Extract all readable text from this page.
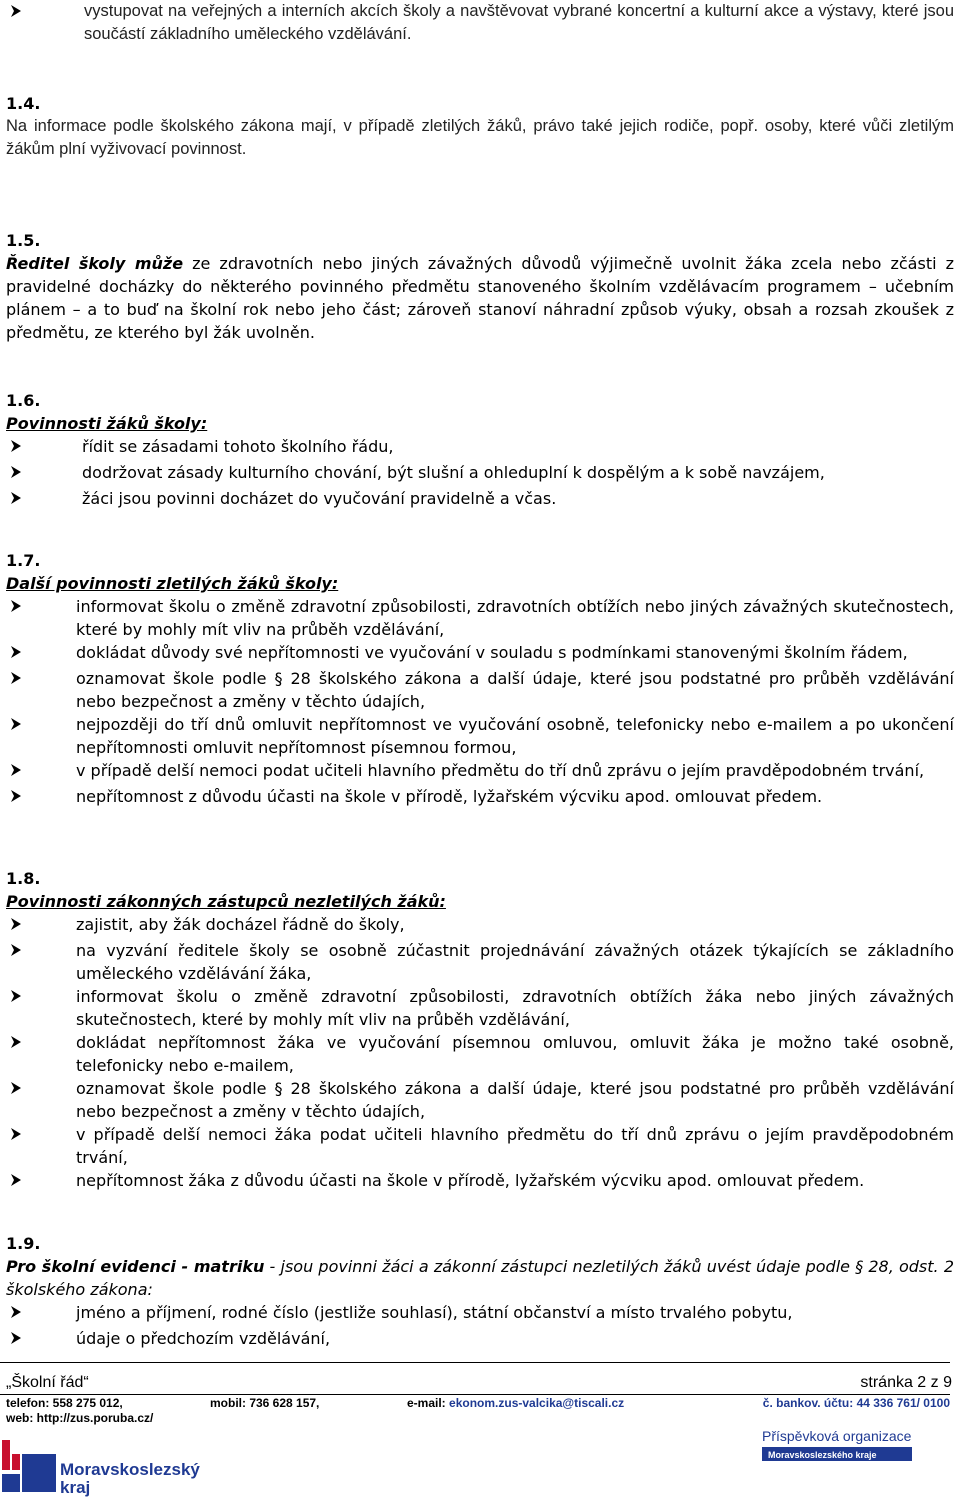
vystupovat na veřejných a interních akcích školy a navštěvovat vybrané koncertní a kulturní akce a výstavy, které jsou součástí základního uměleckého vzdělávání.

1.4.

Na informace podle školského zákona mají, v případě zletilých žáků, právo také jejich rodiče, popř. osoby, které vůči zletilým žákům plní vyživovací povinnost.

1.5.

Ředitel školy může ze zdravotních nebo jiných závažných důvodů výjimečně uvolnit žáka zcela nebo zčásti z pravidelné docházky do některého povinného předmětu stanoveného školním vzdělávacím programem – učebním plánem – a to buď na školní rok nebo jeho část; zároveň stanoví náhradní způsob výuky, obsah a rozsah zkoušek z předmětu, ze kterého byl žák uvolněn.

1.6.

Povinnosti žáků školy:

řídit se zásadami tohoto školního řádu,
dodržovat zásady kulturního chování, být slušní a ohleduplní k dospělým a k sobě navzájem,
žáci jsou povinni docházet do vyučování pravidelně a včas.

1.7.

Další povinnosti zletilých žáků školy:

informovat školu o změně zdravotní způsobilosti, zdravotních obtížích nebo jiných závažných skutečnostech, které by mohly mít vliv na průběh vzdělávání,
dokládat důvody své nepřítomnosti ve vyučování v souladu s podmínkami stanovenými školním řádem,
oznamovat škole podle § 28 školského zákona a další údaje, které jsou podstatné pro průběh vzdělávání nebo bezpečnost a změny v těchto údajích,
nejpozději do tří dnů omluvit nepřítomnost ve vyučování osobně, telefonicky nebo e-mailem a po ukončení nepřítomnosti omluvit nepřítomnost písemnou formou,
v případě delší nemoci podat učiteli hlavního předmětu do tří dnů zprávu o jejím pravděpodobném trvání,
nepřítomnost z důvodu účasti na škole v přírodě, lyžařském výcviku apod. omlouvat předem.

1.8.

Povinnosti zákonných zástupců nezletilých žáků:

zajistit, aby žák docházel řádně do školy,
na vyzvání ředitele školy se osobně zúčastnit projednávání závažných otázek týkajících se základního uměleckého vzdělávání žáka,
informovat školu o změně zdravotní způsobilosti, zdravotních obtížích žáka nebo jiných závažných skutečnostech, které by mohly mít vliv na průběh vzdělávání,
dokládat nepřítomnost žáka ve vyučování písemnou omluvou, omluvit žáka je možno také osobně, telefonicky nebo e-mailem,
oznamovat škole podle § 28 školského zákona a další údaje, které jsou podstatné pro průběh vzdělávání nebo bezpečnost a změny v těchto údajích,
v případě delší nemoci žáka podat učiteli hlavního předmětu do tří dnů zprávu o jejím pravděpodobném trvání,
nepřítomnost žáka z důvodu účasti na škole v přírodě, lyžařském výcviku apod. omlouvat předem.

1.9.

Pro školní evidenci - matriku - jsou povinni žáci a zákonní zástupci nezletilých žáků uvést údaje podle § 28, odst. 2 školského zákona:

jméno a příjmení, rodné číslo (jestliže souhlasí), státní občanství a místo trvalého pobytu,
údaje o předchozím vzdělávání,
„Školní řád“	stránka 2 z 9
telefon: 558 275 012,	mobil: 736 628 157,	e-mail: ekonom.zus-valcika@tiscali.cz	č. bankov. účtu: 44 336 761/ 0100
web: http://zus.poruba.cz/
Moravskoslezský
kraj
Příspěvková organizace
Moravskoslezského kraje
